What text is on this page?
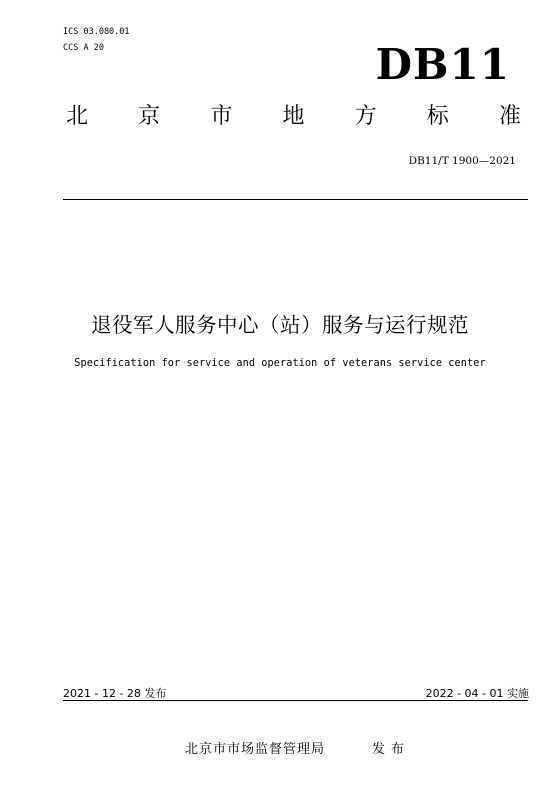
ICS 03.080.01
CCS A 20	DB11
北 京 市 地 方 标 准
DB11/T 1900—2021
退役军人服务中心（站）服务与运行规范
Specification for service and operation of veterans service center
2021 - 12 - 28 发布	2022 - 04 - 01 实施
北京市市场监督管理局	发布
